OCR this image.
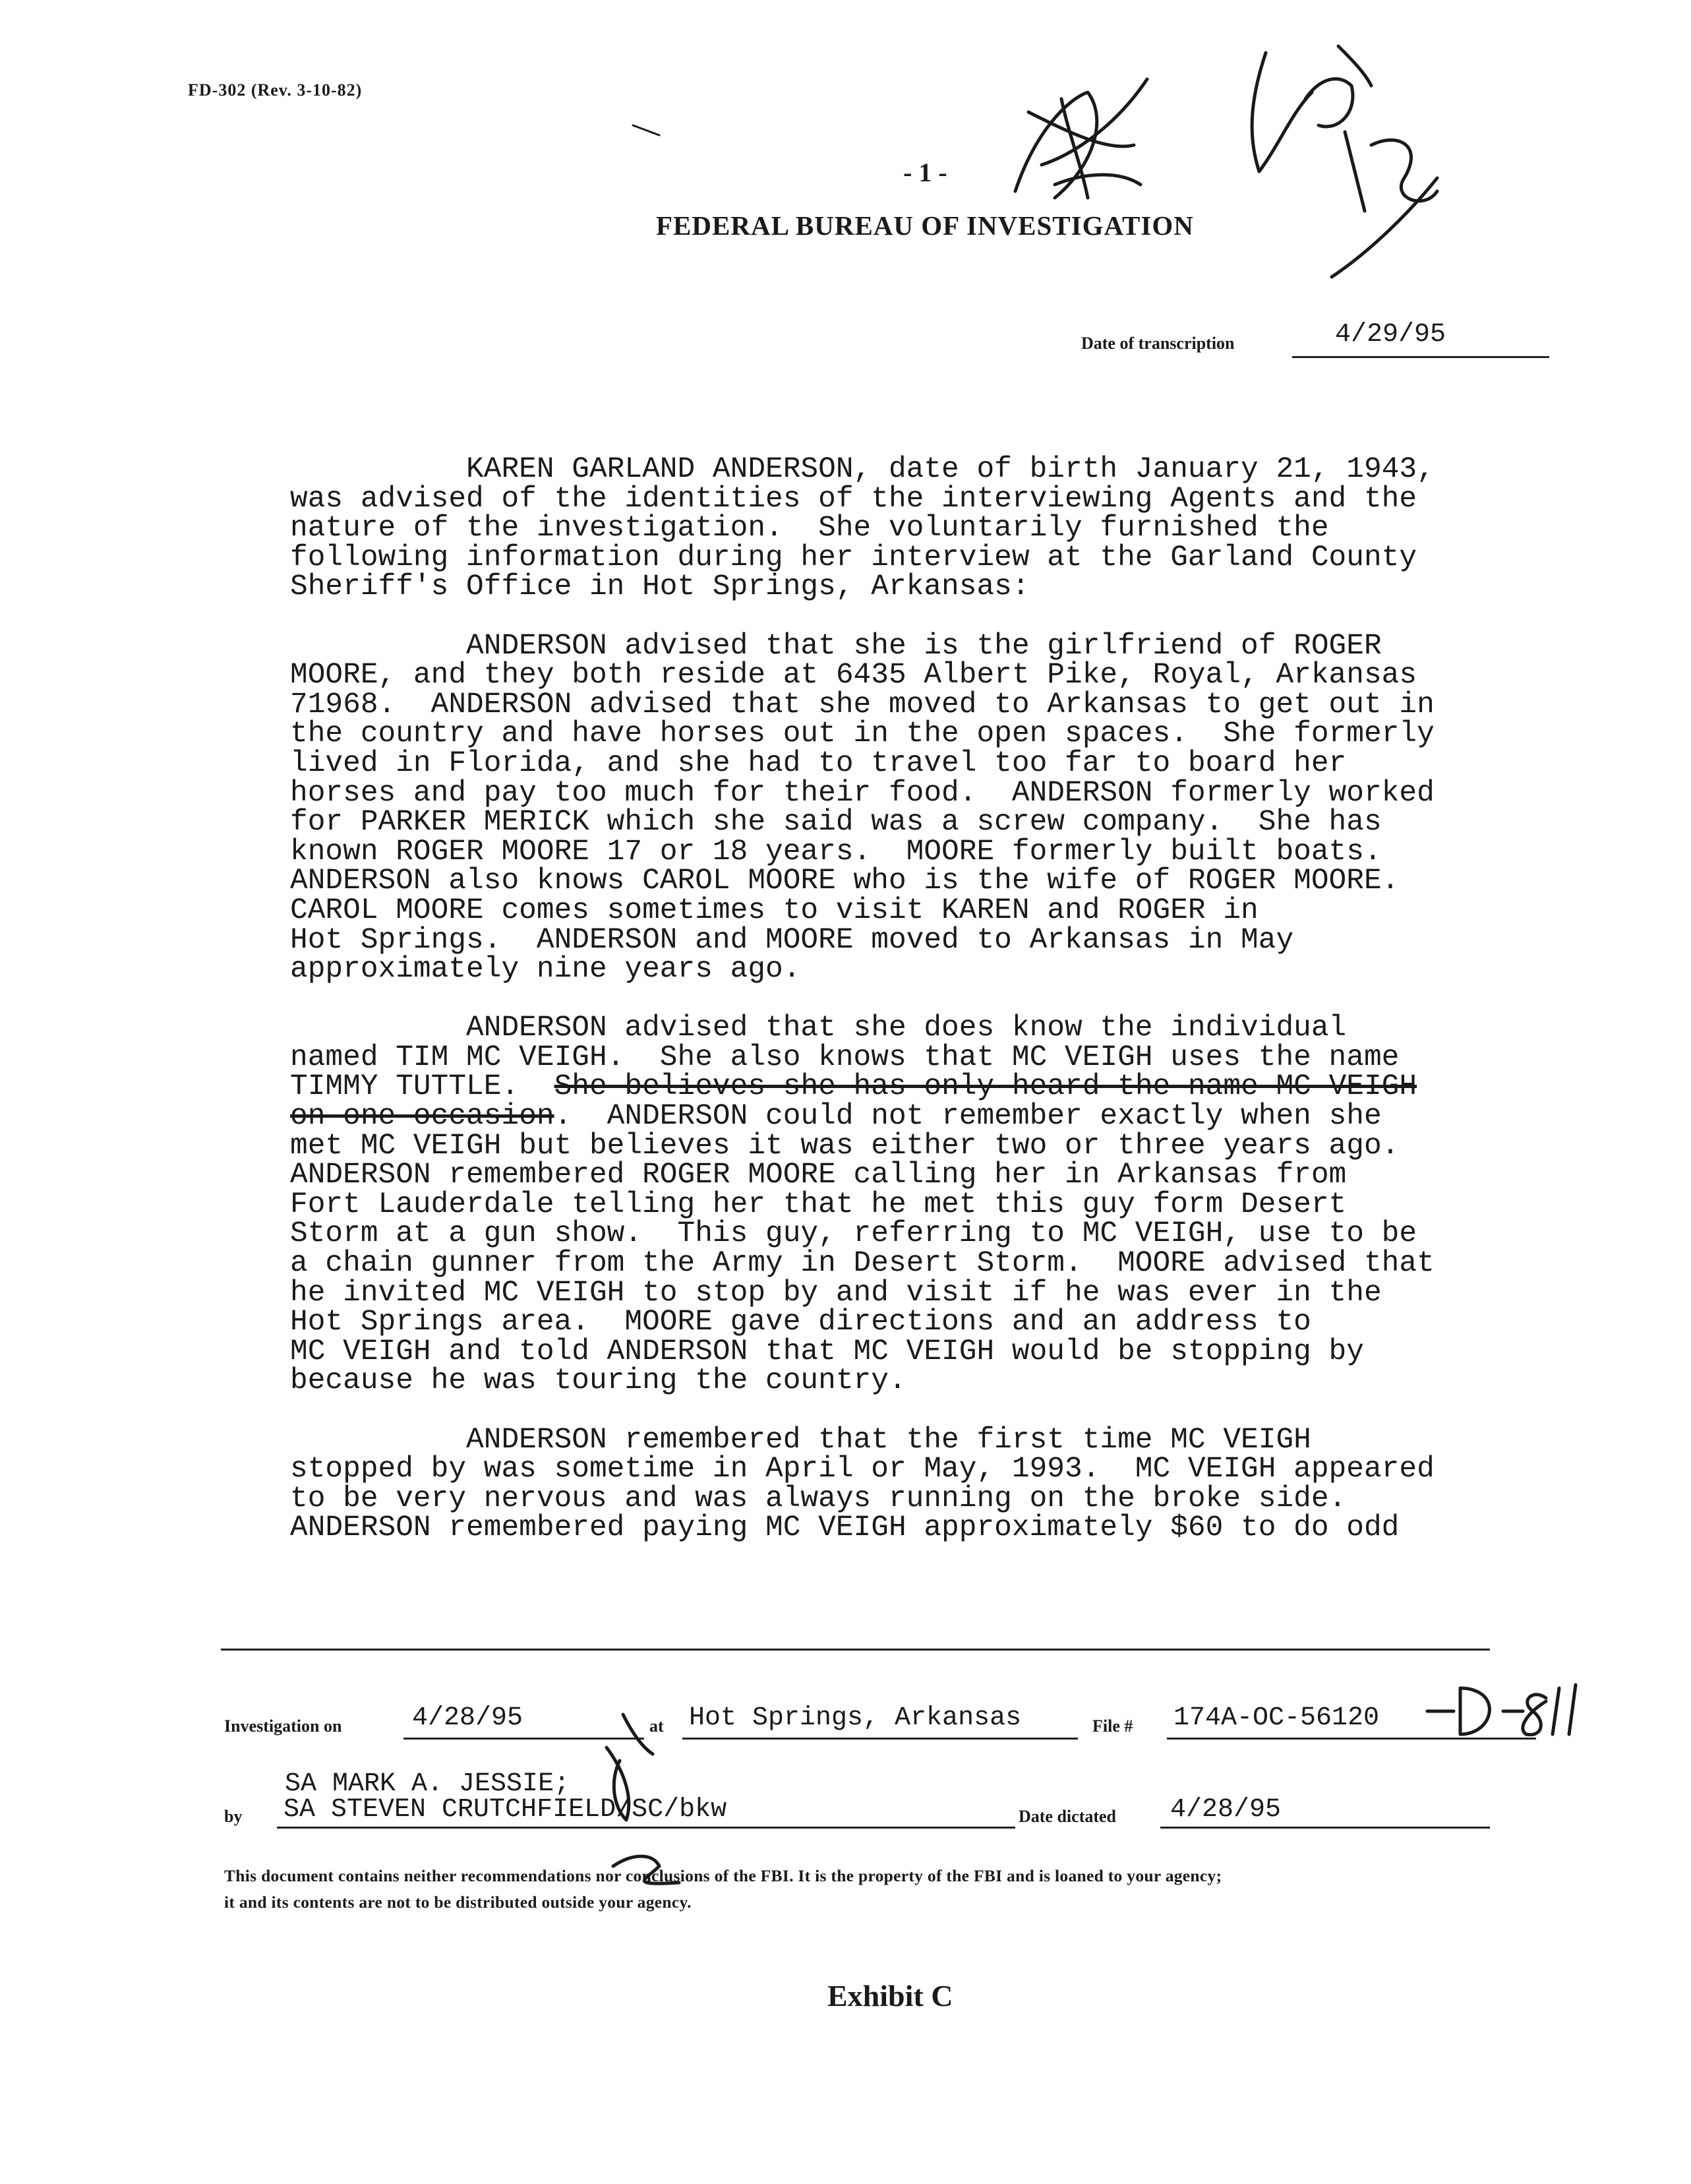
FD-302 (Rev. 3-10-82)
- 1 -
FEDERAL BUREAU OF INVESTIGATION
Date of transcription	4/29/95
KAREN GARLAND ANDERSON, date of birth January 21, 1943,
was advised of the identities of the interviewing Agents and the
nature of the investigation.  She voluntarily furnished the
following information during her interview at the Garland County
Sheriff's Office in Hot Springs, Arkansas:

ANDERSON advised that she is the girlfriend of ROGER
MOORE, and they both reside at 6435 Albert Pike, Royal, Arkansas
71968.  ANDERSON advised that she moved to Arkansas to get out in
the country and have horses out in the open spaces.  She formerly
lived in Florida, and she had to travel too far to board her
horses and pay too much for their food.  ANDERSON formerly worked
for PARKER MERICK which she said was a screw company.  She has
known ROGER MOORE 17 or 18 years.  MOORE formerly built boats.
ANDERSON also knows CAROL MOORE who is the wife of ROGER MOORE.
CAROL MOORE comes sometimes to visit KAREN and ROGER in
Hot Springs.  ANDERSON and MOORE moved to Arkansas in May
approximately nine years ago.

ANDERSON advised that she does know the individual
named TIM MC VEIGH.  She also knows that MC VEIGH uses the name
TIMMY TUTTLE.  She believes she has only heard the name MC VEIGH
on one occasion.  ANDERSON could not remember exactly when she
met MC VEIGH but believes it was either two or three years ago.
ANDERSON remembered ROGER MOORE calling her in Arkansas from
Fort Lauderdale telling her that he met this guy form Desert
Storm at a gun show.  This guy, referring to MC VEIGH, use to be
a chain gunner from the Army in Desert Storm.  MOORE advised that
he invited MC VEIGH to stop by and visit if he was ever in the
Hot Springs area.  MOORE gave directions and an address to
MC VEIGH and told ANDERSON that MC VEIGH would be stopping by
because he was touring the country.

ANDERSON remembered that the first time MC VEIGH
stopped by was sometime in April or May, 1993.  MC VEIGH appeared
to be very nervous and was always running on the broke side.
ANDERSON remembered paying MC VEIGH approximately $60 to do odd
Investigation on	4/28/95	at Hot Springs, Arkansas	File # 174A-OC-56120
SA MARK A. JESSIE;
by SA STEVEN CRUTCHFIELD/SC/bkw	Date dictated 4/28/95
This document contains neither recommendations nor conclusions of the FBI. It is the property of the FBI and is loaned to your agency;
it and its contents are not to be distributed outside your agency.
Exhibit C
